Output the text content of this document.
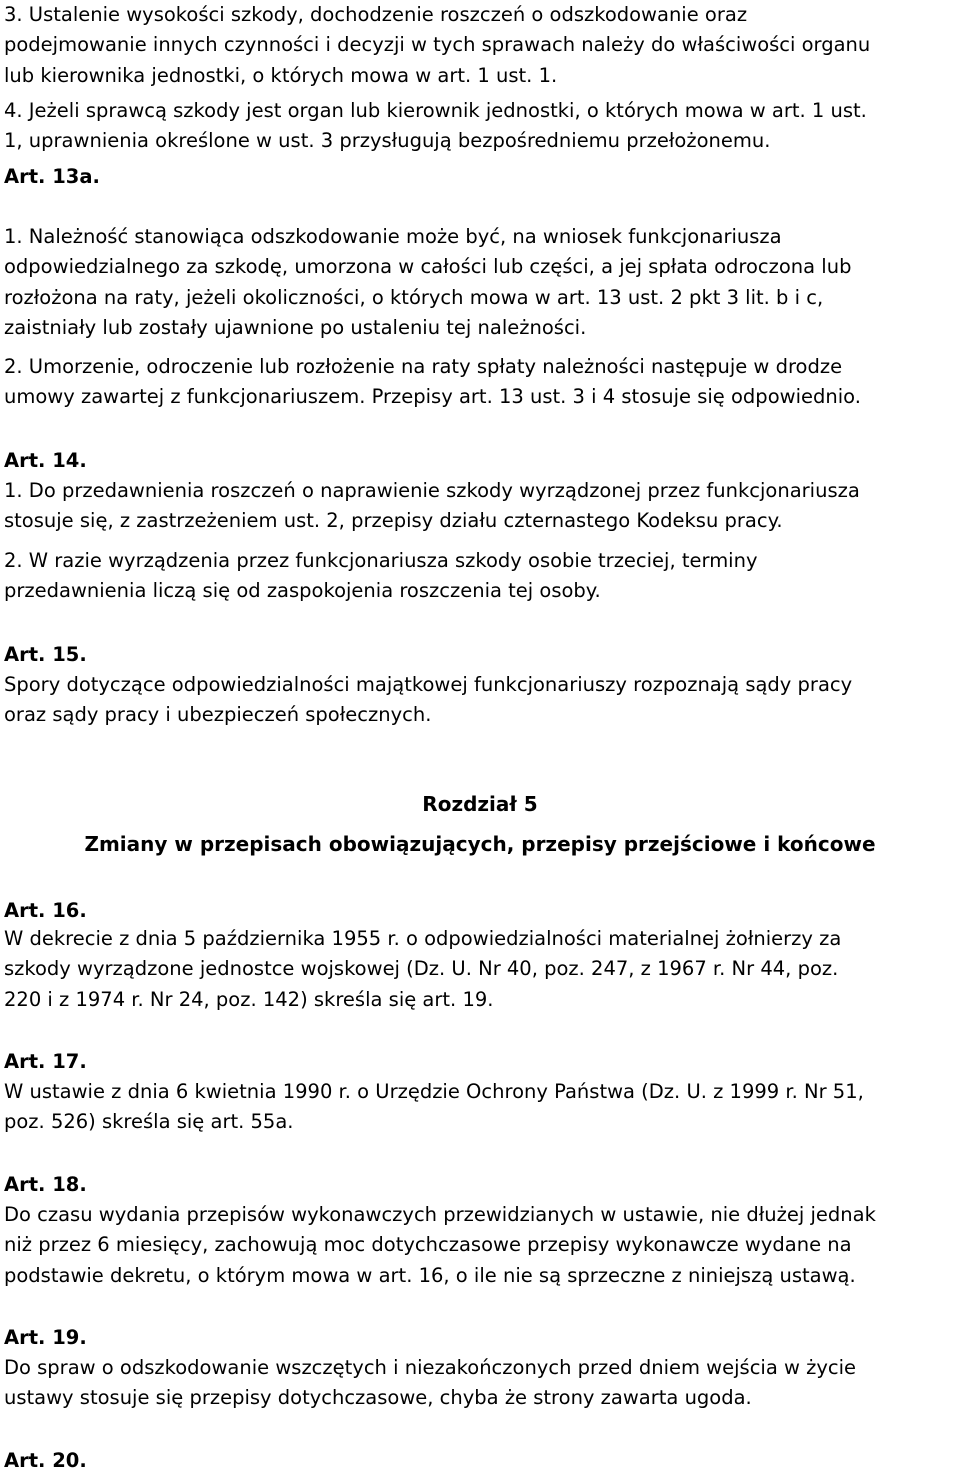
3. Ustalenie wysokości szkody, dochodzenie roszczeń o odszkodowanie oraz
podejmowanie innych czynności i decyzji w tych sprawach należy do właściwości organu
lub kierownika jednostki, o których mowa w art. 1 ust. 1.
4. Jeżeli sprawcą szkody jest organ lub kierownik jednostki, o których mowa w art. 1 ust.
1, uprawnienia określone w ust. 3 przysługują bezpośredniemu przełożonemu.
Art. 13a.
1. Należność stanowiąca odszkodowanie może być, na wniosek funkcjonariusza
odpowiedzialnego za szkodę, umorzona w całości lub części, a jej spłata odroczona lub
rozłożona na raty, jeżeli okoliczności, o których mowa w art. 13 ust. 2 pkt 3 lit. b i c,
zaistniały lub zostały ujawnione po ustaleniu tej należności.
2. Umorzenie, odroczenie lub rozłożenie na raty spłaty należności następuje w drodze
umowy zawartej z funkcjonariuszem. Przepisy art. 13 ust. 3 i 4 stosuje się odpowiednio.
Art. 14.
1. Do przedawnienia roszczeń o naprawienie szkody wyrządzonej przez funkcjonariusza
stosuje się, z zastrzeżeniem ust. 2, przepisy działu czternastego Kodeksu pracy.
2. W razie wyrządzenia przez funkcjonariusza szkody osobie trzeciej, terminy
przedawnienia liczą się od zaspokojenia roszczenia tej osoby.
Art. 15.
Spory dotyczące odpowiedzialności majątkowej funkcjonariuszy rozpoznają sądy pracy
oraz sądy pracy i ubezpieczeń społecznych.
Rozdział 5
Zmiany w przepisach obowiązujących, przepisy przejściowe i końcowe
Art. 16.
W dekrecie z dnia 5 października 1955 r. o odpowiedzialności materialnej żołnierzy za
szkody wyrządzone jednostce wojskowej (Dz. U. Nr 40, poz. 247, z 1967 r. Nr 44, poz.
220 i z 1974 r. Nr 24, poz. 142) skreśla się art. 19.
Art. 17.
W ustawie z dnia 6 kwietnia 1990 r. o Urzędzie Ochrony Państwa (Dz. U. z 1999 r. Nr 51,
poz. 526) skreśla się art. 55a.
Art. 18.
Do czasu wydania przepisów wykonawczych przewidzianych w ustawie, nie dłużej jednak
niż przez 6 miesięcy, zachowują moc dotychczasowe przepisy wykonawcze wydane na
podstawie dekretu, o którym mowa w art. 16, o ile nie są sprzeczne z niniejszą ustawą.
Art. 19.
Do spraw o odszkodowanie wszczętych i niezakończonych przed dniem wejścia w życie
ustawy stosuje się przepisy dotychczasowe, chyba że strony zawarta ugoda.
Art. 20.
